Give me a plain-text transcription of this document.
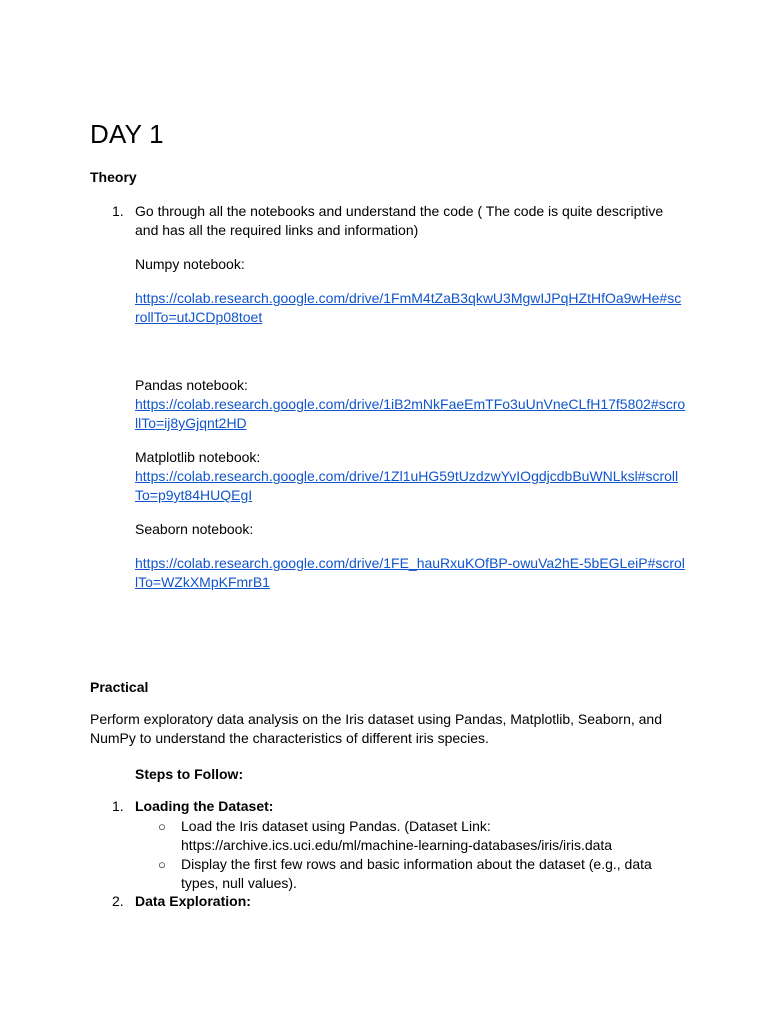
DAY 1
Theory
1. Go through all the notebooks and understand the code ( The code is quite descriptive
and has all the required links and information)
Numpy notebook:
https://colab.research.google.com/drive/1FmM4tZaB3qkwU3MgwIJPqHZtHfOa9wHe#sc
rollTo=utJCDp08toet
Pandas notebook:
https://colab.research.google.com/drive/1iB2mNkFaeEmTFo3uUnVneCLfH17f5802#scro
llTo=ij8yGjqnt2HD
Matplotlib notebook:
https://colab.research.google.com/drive/1Zl1uHG59tUzdzwYvIOgdjcdbBuWNLksl#scroll
To=p9yt84HUQEgI
Seaborn notebook:
https://colab.research.google.com/drive/1FE_hauRxuKOfBP-owuVa2hE-5bEGLeiP#scrol
lTo=WZkXMpKFmrB1
Practical
Perform exploratory data analysis on the Iris dataset using Pandas, Matplotlib, Seaborn, and
NumPy to understand the characteristics of different iris species.
Steps to Follow:
1. Loading the Dataset:
○ Load the Iris dataset using Pandas. (Dataset Link:
https://archive.ics.uci.edu/ml/machine-learning-databases/iris/iris.data
○ Display the first few rows and basic information about the dataset (e.g., data
types, null values).
2. Data Exploration:
